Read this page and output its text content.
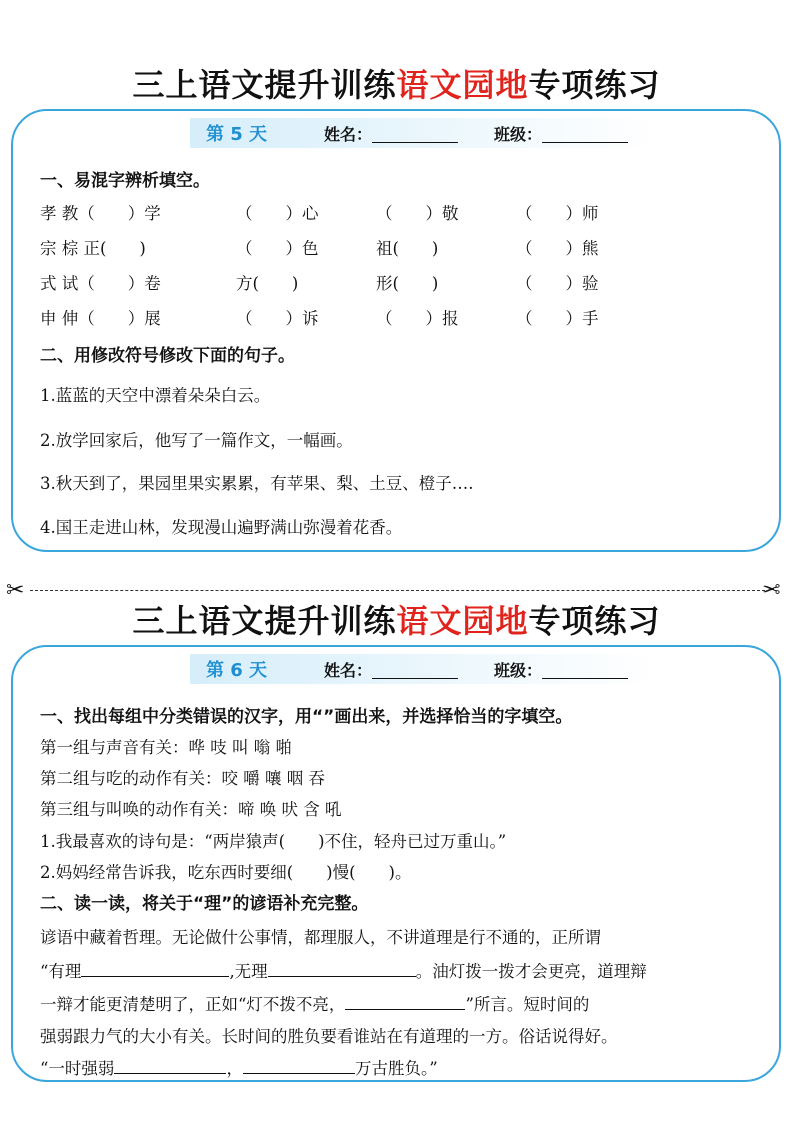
三上语文提升训练语文园地专项练习
第 5 天	姓名：	班级：
一、易混字辨析填空。
孝 教（　　）学	（　　）心	（　　）敬	（　　）师
宗 棕 正(　　)	（　　）色	祖(　　)	（　　）熊
式 试（　　）卷	方(　　)	形(　　)	（　　）验
申 伸（　　）展	（　　）诉	（　　）报	（　　）手
二、用修改符号修改下面的句子。
1.蓝蓝的天空中漂着朵朵白云。
2.放学回家后，他写了一篇作文，一幅画。
3.秋天到了，果园里果实累累，有苹果、梨、土豆、橙子….
4.国王走进山林，发现漫山遍野满山弥漫着花香。
✂	✂
三上语文提升训练语文园地专项练习
第 6 天	姓名：	班级：
一、找出每组中分类错误的汉字，用“”画出来，并选择恰当的字填空。
第一组与声音有关：哗 吱 叫 嗡 啪
第二组与吃的动作有关：咬 嚼 嚷 咽 吞
第三组与叫唤的动作有关：啼 唤 吠 含 吼
1.我最喜欢的诗句是：“两岸猿声(　　)不住，轻舟已过万重山。”
2.妈妈经常告诉我，吃东西时要细(　　)慢(　　)。
二、读一读，将关于“理”的谚语补充完整。
谚语中藏着哲理。无论做什公事情，都理服人，不讲道理是行不通的，正所谓
“有理	,无理	。油灯拨一拨才会更亮，道理辩
一辩才能更清楚明了，正如“灯不拨不亮，	”所言。短时间的
强弱跟力气的大小有关。长时间的胜负要看谁站在有道理的一方。俗话说得好。
“一时强弱	，	万古胜负。”
